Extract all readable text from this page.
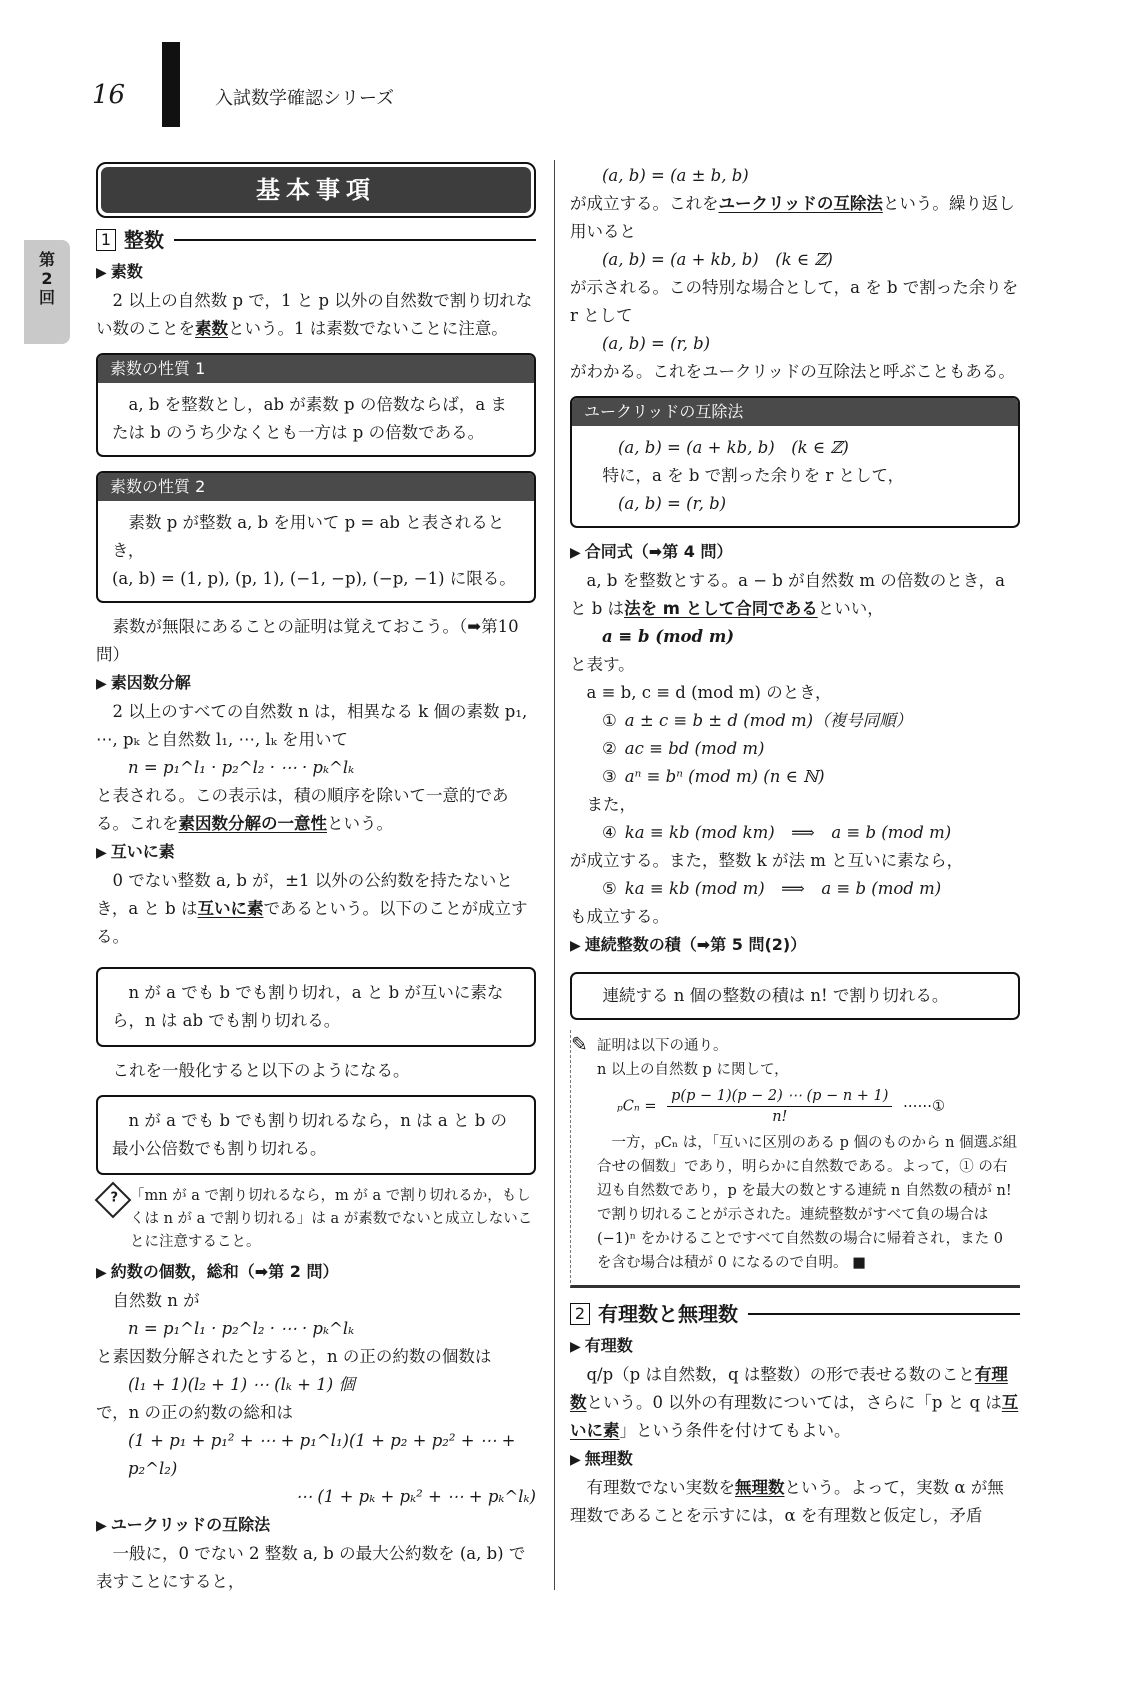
16	入試数学確認シリーズ
第
2
回
基本事項
1 整数
▶ 素数
2 以上の自然数 p で，1 と p 以外の自然数で割り切れない数のことを素数という。1 は素数でないことに注意。
素数の性質 1
a, b を整数とし，ab が素数 p の倍数ならば，a または b のうち少なくとも一方は p の倍数である。
素数の性質 2
素数 p が整数 a, b を用いて p = ab と表されるとき，
(a, b) = (1, p), (p, 1), (−1, −p), (−p, −1) に限る。
素数が無限にあることの証明は覚えておこう。（➡第10問）
▶ 素因数分解
2 以上のすべての自然数 n は，相異なる k 個の素数 p₁, ⋯, pₖ と自然数 l₁, ⋯, lₖ を用いて
n = p₁^l₁ · p₂^l₂ · ⋯ · pₖ^lₖ
と表される。この表示は，積の順序を除いて一意的である。これを素因数分解の一意性という。
▶ 互いに素
0 でない整数 a, b が，±1 以外の公約数を持たないとき，a と b は互いに素であるという。以下のことが成立する。
n が a でも b でも割り切れ，a と b が互いに素なら，n は ab でも割り切れる。
これを一般化すると以下のようになる。
n が a でも b でも割り切れるなら，n は a と b の最小公倍数でも割り切れる。
? 「mn が a で割り切れるなら，m が a で割り切れるか，もしくは n が a で割り切れる」は a が素数でないと成立しないことに注意すること。
▶ 約数の個数，総和（➡第 2 問）
自然数 n が
n = p₁^l₁ · p₂^l₂ · ⋯ · pₖ^lₖ
と素因数分解されたとすると，n の正の約数の個数は
(l₁ + 1)(l₂ + 1) ⋯ (lₖ + 1) 個
で，n の正の約数の総和は
(1 + p₁ + p₁² + ⋯ + p₁^l₁)(1 + p₂ + p₂² + ⋯ + p₂^l₂)
⋯ (1 + pₖ + pₖ² + ⋯ + pₖ^lₖ)
▶ ユークリッドの互除法
一般に，0 でない 2 整数 a, b の最大公約数を (a, b) で表すことにすると，
(a, b) = (a ± b, b)
が成立する。これをユークリッドの互除法という。繰り返し用いると
(a, b) = (a + kb, b)　(k ∈ ℤ)
が示される。この特別な場合として，a を b で割った余りを r として
(a, b) = (r, b)
がわかる。これをユークリッドの互除法と呼ぶこともある。
ユークリッドの互除法
(a, b) = (a + kb, b)　(k ∈ ℤ)
特に，a を b で割った余りを r として，
(a, b) = (r, b)
▶ 合同式（➡第 4 問）
a, b を整数とする。a − b が自然数 m の倍数のとき，a と b は法を m として合同であるといい，
a ≡ b (mod m)
と表す。
a ≡ b, c ≡ d (mod m) のとき，
① a ± c ≡ b ± d (mod m)（複号同順）
② ac ≡ bd (mod m)
③ aⁿ ≡ bⁿ (mod m) (n ∈ ℕ)
また，
④ ka ≡ kb (mod km)　⟹　a ≡ b (mod m)
が成立する。また，整数 k が法 m と互いに素なら，
⑤ ka ≡ kb (mod m)　⟹　a ≡ b (mod m)
も成立する。
▶ 連続整数の積（➡第 5 問(2)）
連続する n 個の整数の積は n! で割り切れる。
✎ 証明は以下の通り。
n 以上の自然数 p に関して，
$_pC_n = \frac{p(p - 1)(p - 2) \cdots (p - n + 1)}{n!}$ ⋯⋯①
一方，ₚCₙ は，「互いに区別のある p 個のものから n 個選ぶ組合せの個数」であり，明らかに自然数である。よって，① の右辺も自然数であり，p を最大の数とする連続 n 自然数の積が n! で割り切れることが示された。連続整数がすべて負の場合は (−1)ⁿ をかけることですべて自然数の場合に帰着され，また 0 を含む場合は積が 0 になるので自明。 ■
2 有理数と無理数
▶ 有理数
q/p（p は自然数，q は整数）の形で表せる数のこと有理数という。0 以外の有理数については，さらに「p と q は互いに素」という条件を付けてもよい。
▶ 無理数
有理数でない実数を無理数という。よって，実数 α が無理数であることを示すには，α を有理数と仮定し，矛盾
